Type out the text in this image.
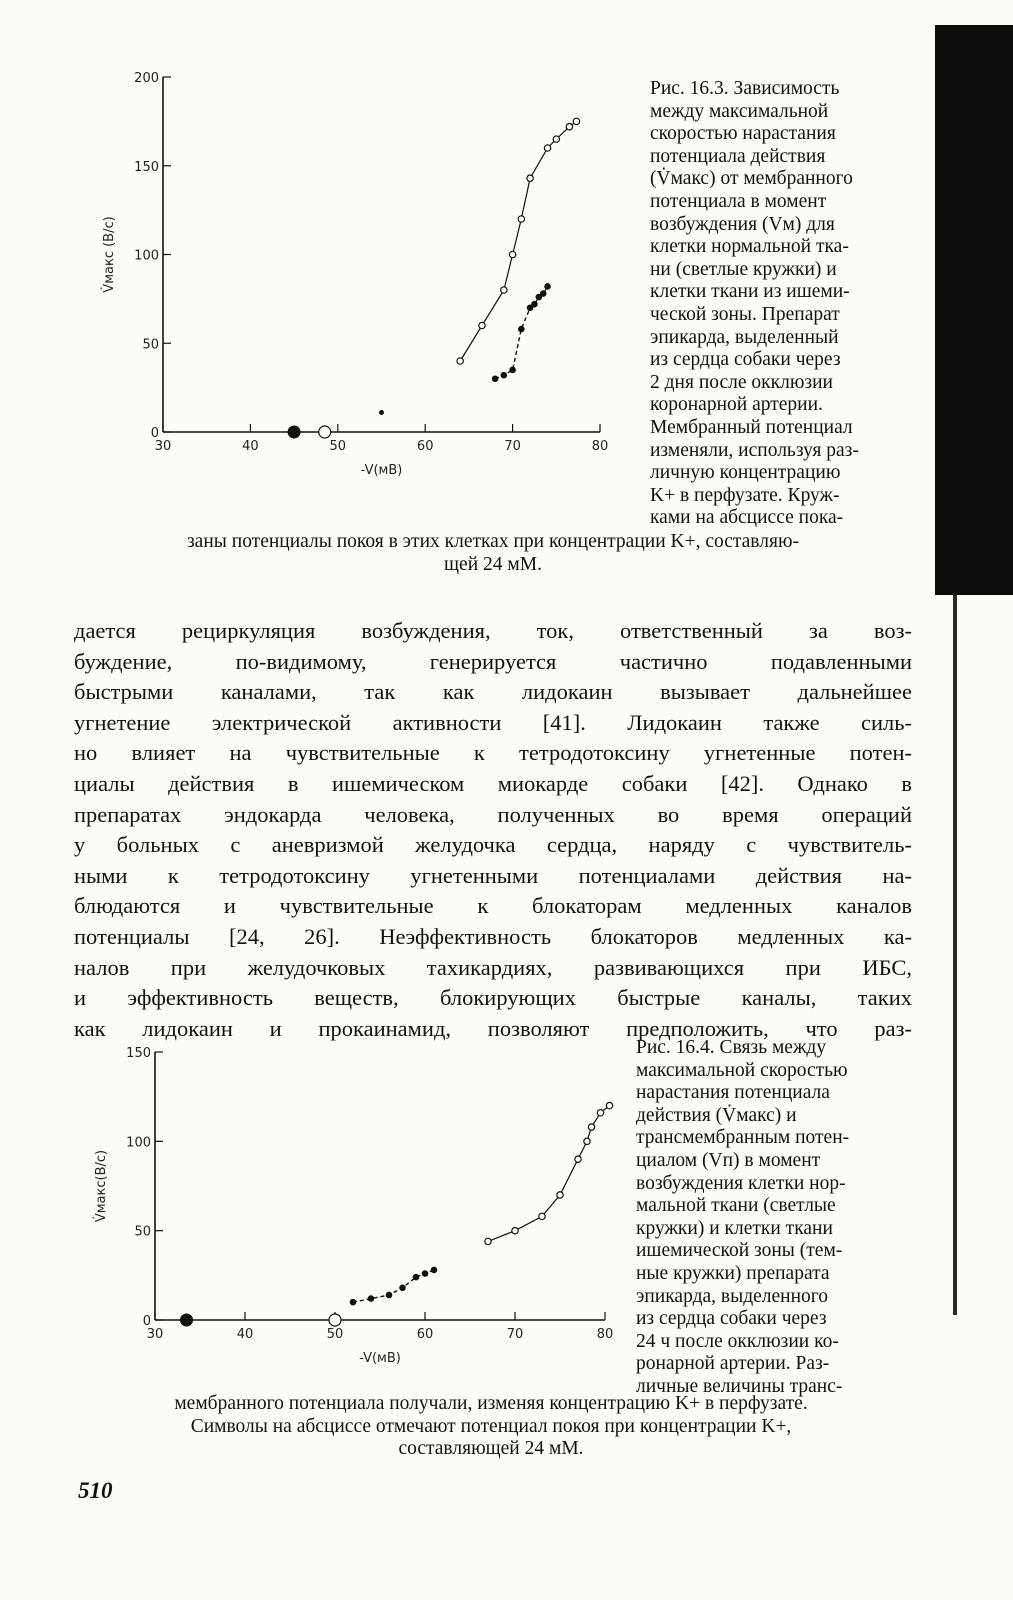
30	40	50	60	70	80
0
50
100
150
200
-V(мВ)
V̇макс (В/с)
Рис. 16.3. Зависимость
между максимальной
скоростью нарастания
потенциала действия
(V̇макс) от мембранного
потенциала в момент
возбуждения (Vм) для
клетки нормальной тка-
ни (светлые кружки) и
клетки ткани из ишеми-
ческой зоны. Препарат
эпикарда, выделенный
из сердца собаки через
2 дня после окклюзии
коронарной артерии.
Мембранный потенциал
изменяли, используя раз-
личную концентрацию
K+ в перфузате. Круж-
ками на абсциссе пока-
заны потенциалы покоя в этих клетках при концентрации K+, составляю-
щей 24 мМ.
дается рециркуляция возбуждения, ток, ответственный за воз-
буждение, по-видимому, генерируется частично подавленными
быстрыми каналами, так как лидокаин вызывает дальнейшее
угнетение электрической активности [41]. Лидокаин также силь-
но влияет на чувствительные к тетродотоксину угнетенные потен-
циалы действия в ишемическом миокарде собаки [42]. Однако в
препаратах эндокарда человека, полученных во время операций
у больных с аневризмой желудочка сердца, наряду с чувствитель-
ными к тетродотоксину угнетенными потенциалами действия на-
блюдаются и чувствительные к блокаторам медленных каналов
потенциалы [24, 26]. Неэффективность блокаторов медленных ка-
налов при желудочковых тахикардиях, развивающихся при ИБС,
и эффективность веществ, блокирующих быстрые каналы, таких
как лидокаин и прокаинамид, позволяют предположить, что раз-
30	40	50	60	70	80
0
50
100
150
-V(мВ)
V̇макс(В/с)
Рис. 16.4. Связь между
максимальной скоростью
нарастания потенциала
действия (V̇макс) и
трансмембранным потен-
циалом (Vп) в момент
возбуждения клетки нор-
мальной ткани (светлые
кружки) и клетки ткани
ишемической зоны (тем-
ные кружки) препарата
эпикарда, выделенного
из сердца собаки через
24 ч после окклюзии ко-
ронарной артерии. Раз-
личные величины транс-
мембранного потенциала получали, изменяя концентрацию K+ в перфузате.
Символы на абсциссе отмечают потенциал покоя при концентрации K+,
составляющей 24 мМ.
510
